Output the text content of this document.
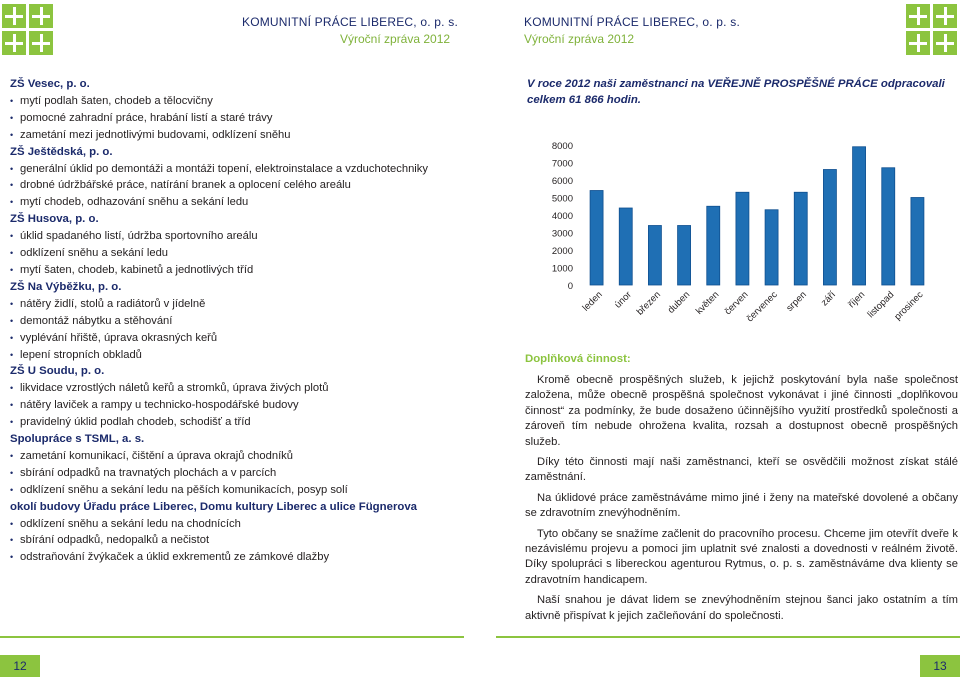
KOMUNITNÍ PRÁCE LIBEREC, o. p. s.
Výroční zpráva 2012
KOMUNITNÍ PRÁCE LIBEREC, o. p. s.
Výroční zpráva 2012
ZŠ Vesec, p. o.
• mytí podlah šaten, chodeb a tělocvičny
• pomocné zahradní práce, hrabání listí a staré trávy
• zametání mezi jednotlivými budovami, odklízení sněhu
ZŠ Ještědská, p. o.
• generální úklid po demontáži a montáži topení, elektroinstalace a vzduchotechniky
• drobné údržbářské práce, natírání branek a oplocení celého areálu
• mytí chodeb, odhazování sněhu a sekání ledu
ZŠ Husova, p. o.
• úklid spadaného listí, údržba sportovního areálu
• odklízení sněhu a sekání ledu
• mytí šaten, chodeb, kabinetů a jednotlivých tříd
ZŠ Na Výběžku, p. o.
• nátěry židlí, stolů a radiátorů v jídelně
• demontáž nábytku a stěhování
• vyplévání hřiště, úprava okrasných keřů
• lepení stropních obkladů
ZŠ U Soudu, p. o.
• likvidace vzrostlých náletů keřů a stromků, úprava živých plotů
• nátěry laviček a rampy u technicko-hospodářské budovy
• pravidelný úklid podlah chodeb, schodišť a tříd
Spolupráce s TSML, a. s.
• zametání komunikací, čištění a úprava okrajů chodníků
• sbírání odpadků na travnatých plochách a v parcích
• odklízení sněhu a sekání ledu na pěších komunikacích, posyp solí
okolí budovy Úřadu práce Liberec, Domu kultury Liberec a ulice Fügnerova
• odklízení sněhu a sekání ledu na chodnících
• sbírání odpadků, nedopalků a nečistot
• odstraňování žvýkaček a úklid exkrementů ze zámkové dlažby
V roce 2012 naši zaměstnanci na VEŘEJNĚ PROSPĚŠNÉ PRÁCE odpracovali celkem 61 866 hodin.
8000
7000
6000
5000
4000
3000
2000
1000
0
leden únor březen duben květen červen
červenec srpen září říjen
listopad
prosinec
Doplňková činnost:

Kromě obecně prospěšných služeb, k jejichž poskytování byla naše společnost založena, může obecně prospěšná společnost vykonávat i jiné činnosti „doplňkovou činnost“ za podmínky, že bude dosaženo účinnějšího využití prostředků společnosti a zároveň tím nebude ohrožena kvalita, rozsah a dostupnost obecně prospěšných služeb.

Díky této činnosti mají naši zaměstnanci, kteří se osvědčili možnost získat stálé zaměstnání.

Na úklidové práce zaměstnáváme mimo jiné i ženy na mateřské dovolené a občany se zdravotním znevýhodněním.

Tyto občany se snažíme začlenit do pracovního procesu. Chceme jim otevřít dveře k nezávislému projevu a pomoci jim uplatnit své znalosti a dovednosti v reálném životě. Díky spolupráci s libereckou agenturou Rytmus, o. p. s. zaměstnáváme dva klienty se zdravotním handicapem.

Naší snahou je dávat lidem se znevýhodněním stejnou šanci jako ostatním a tím aktivně přispívat k jejich začleňování do společnosti.

12	13
